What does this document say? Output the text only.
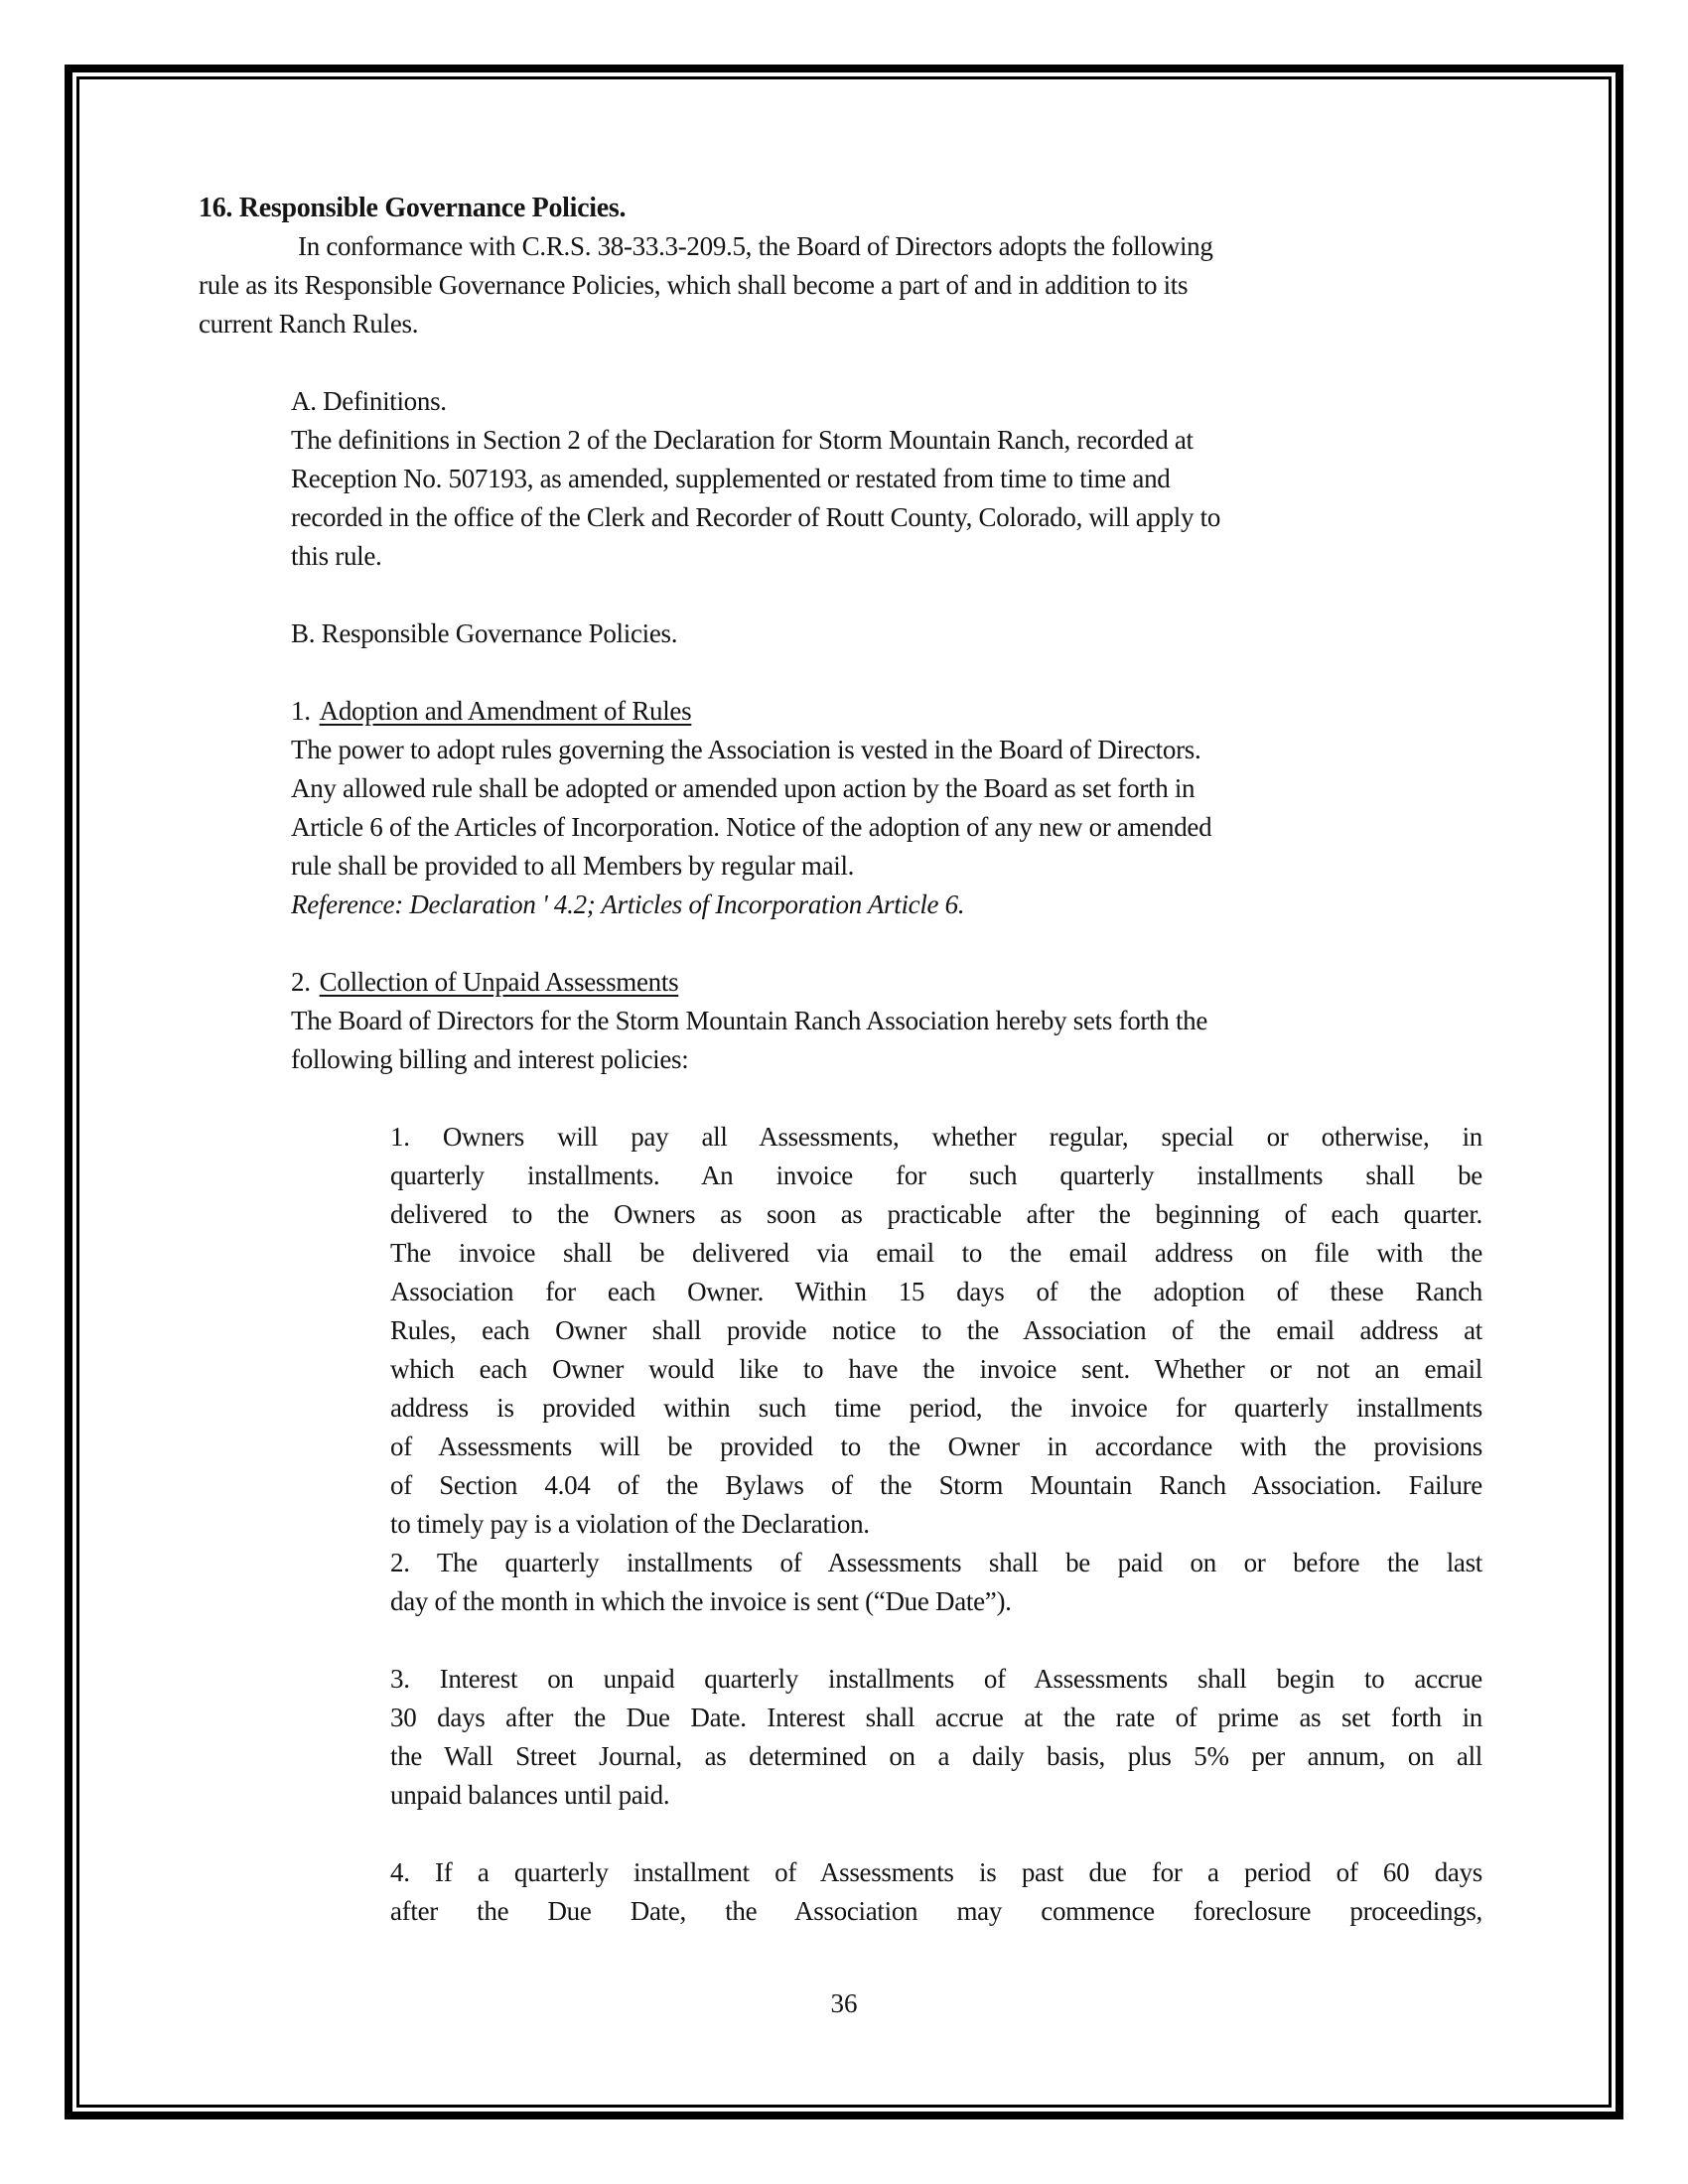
16. Responsible Governance Policies.
In conformance with C.R.S. 38-33.3-209.5, the Board of Directors adopts the following
rule as its Responsible Governance Policies, which shall become a part of and in addition to its
current Ranch Rules.
A. Definitions.
The definitions in Section 2 of the Declaration for Storm Mountain Ranch, recorded at
Reception No. 507193, as amended, supplemented or restated from time to time and
recorded in the office of the Clerk and Recorder of Routt County, Colorado, will apply to
this rule.
B. Responsible Governance Policies.
1. Adoption and Amendment of Rules
The power to adopt rules governing the Association is vested in the Board of Directors.
Any allowed rule shall be adopted or amended upon action by the Board as set forth in
Article 6 of the Articles of Incorporation. Notice of the adoption of any new or amended
rule shall be provided to all Members by regular mail.
Reference: Declaration ' 4.2; Articles of Incorporation Article 6.
2. Collection of Unpaid Assessments
The Board of Directors for the Storm Mountain Ranch Association hereby sets forth the
following billing and interest policies:
1. Owners will pay all Assessments, whether regular, special or otherwise, in
quarterly installments. An invoice for such quarterly installments shall be
delivered to the Owners as soon as practicable after the beginning of each quarter.
The invoice shall be delivered via email to the email address on file with the
Association for each Owner. Within 15 days of the adoption of these Ranch
Rules, each Owner shall provide notice to the Association of the email address at
which each Owner would like to have the invoice sent. Whether or not an email
address is provided within such time period, the invoice for quarterly installments
of Assessments will be provided to the Owner in accordance with the provisions
of Section 4.04 of the Bylaws of the Storm Mountain Ranch Association. Failure
to timely pay is a violation of the Declaration.
2. The quarterly installments of Assessments shall be paid on or before the last
day of the month in which the invoice is sent (“Due Date”).
3. Interest on unpaid quarterly installments of Assessments shall begin to accrue
30 days after the Due Date. Interest shall accrue at the rate of prime as set forth in
the Wall Street Journal, as determined on a daily basis, plus 5% per annum, on all
unpaid balances until paid.
4. If a quarterly installment of Assessments is past due for a period of 60 days
after the Due Date, the Association may commence foreclosure proceedings,
36
